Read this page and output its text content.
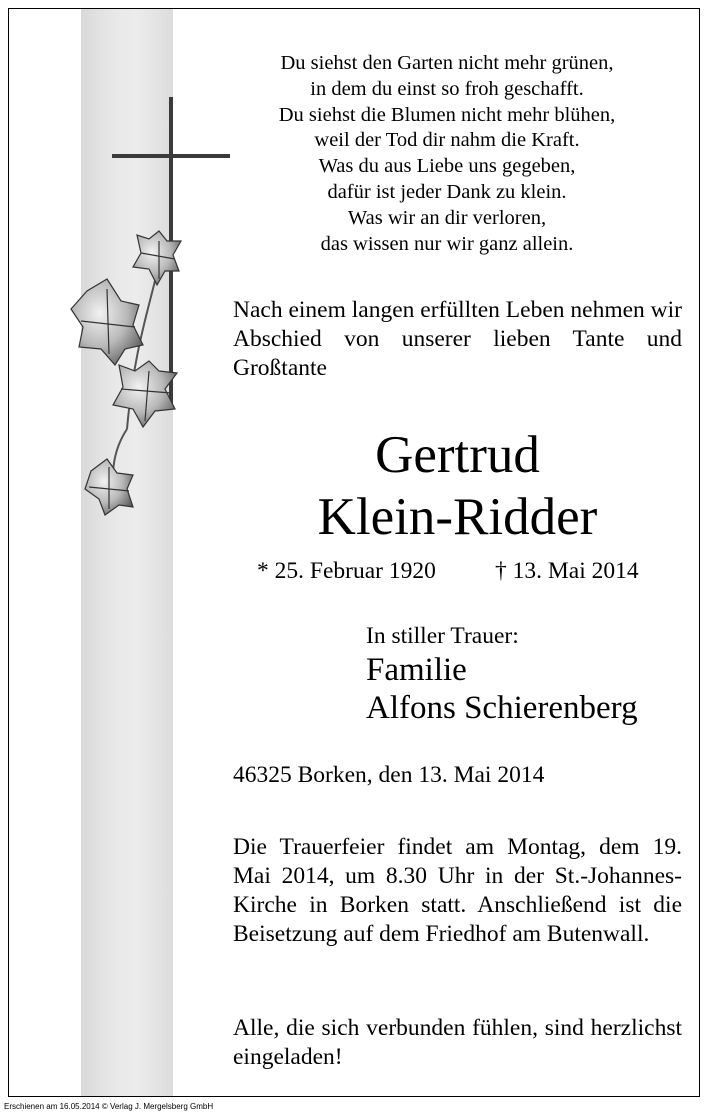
Du siehst den Garten nicht mehr grünen,
in dem du einst so froh geschafft.
Du siehst die Blumen nicht mehr blühen,
weil der Tod dir nahm die Kraft.
Was du aus Liebe uns gegeben,
dafür ist jeder Dank zu klein.
Was wir an dir verloren,
das wissen nur wir ganz allein.

Nach einem langen erfüllten Leben nehmen wir Abschied von unserer lieben Tante und Großtante

Gertrud
Klein-Ridder
* 25. Februar 1920	† 13. Mai 2014
In stiller Trauer:
Familie
Alfons Schierenberg
46325 Borken, den 13. Mai 2014

Die Trauerfeier findet am Montag, dem 19. Mai 2014, um 8.30 Uhr in der St.-Johannes-Kirche in Borken statt. Anschließend ist die Beisetzung auf dem Friedhof am Butenwall.

Alle, die sich verbunden fühlen, sind herzlichst eingeladen!

Erschienen am 16.05.2014 © Verlag J. Mergelsberg GmbH
